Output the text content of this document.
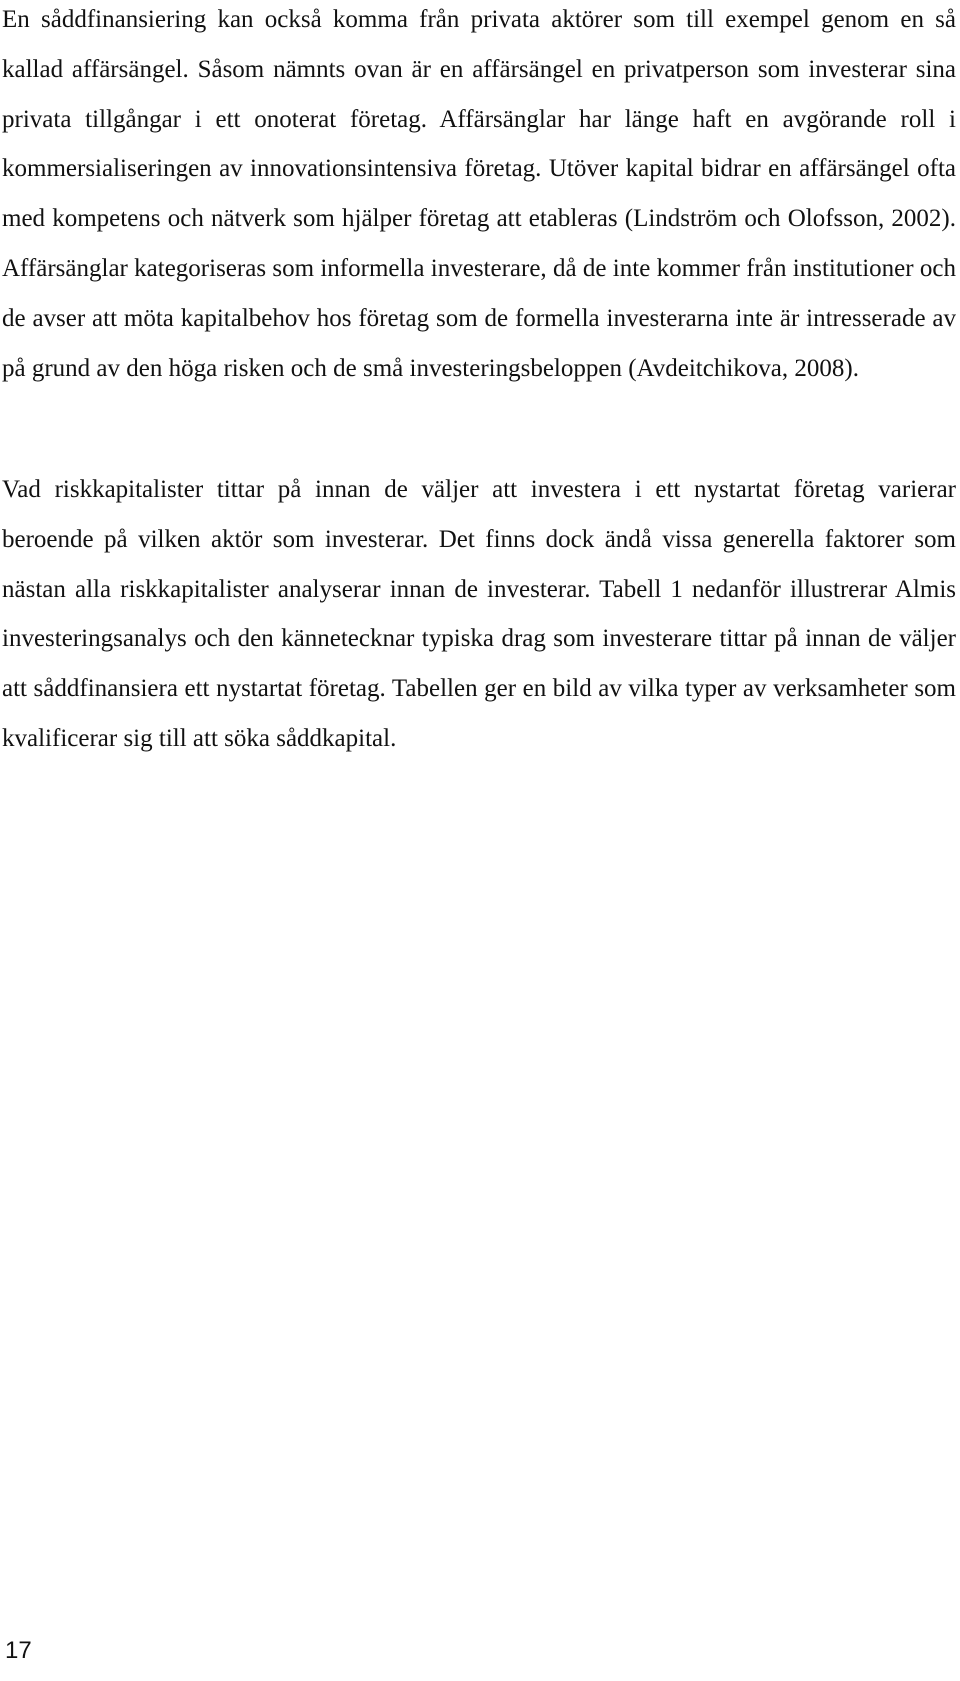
En såddfinansiering kan också komma från privata aktörer som till exempel genom en så kallad affärsängel. Såsom nämnts ovan är en affärsängel en privatperson som investerar sina privata tillgångar i ett onoterat företag. Affärsänglar har länge haft en avgörande roll i kommersialiseringen av innovationsintensiva företag. Utöver kapital bidrar en affärsängel ofta med kompetens och nätverk som hjälper företag att etableras (Lindström och Olofsson, 2002). Affärsänglar kategoriseras som informella investerare, då de inte kommer från institutioner och de avser att möta kapitalbehov hos företag som de formella investerarna inte är intresserade av på grund av den höga risken och de små investeringsbeloppen (Avdeitchikova, 2008).

Vad riskkapitalister tittar på innan de väljer att investera i ett nystartat företag varierar beroende på vilken aktör som investerar. Det finns dock ändå vissa generella faktorer som nästan alla riskkapitalister analyserar innan de investerar. Tabell 1 nedanför illustrerar Almis investeringsanalys och den kännetecknar typiska drag som investerare tittar på innan de väljer att såddfinansiera ett nystartat företag. Tabellen ger en bild av vilka typer av verksamheter som kvalificerar sig till att söka såddkapital.

17
